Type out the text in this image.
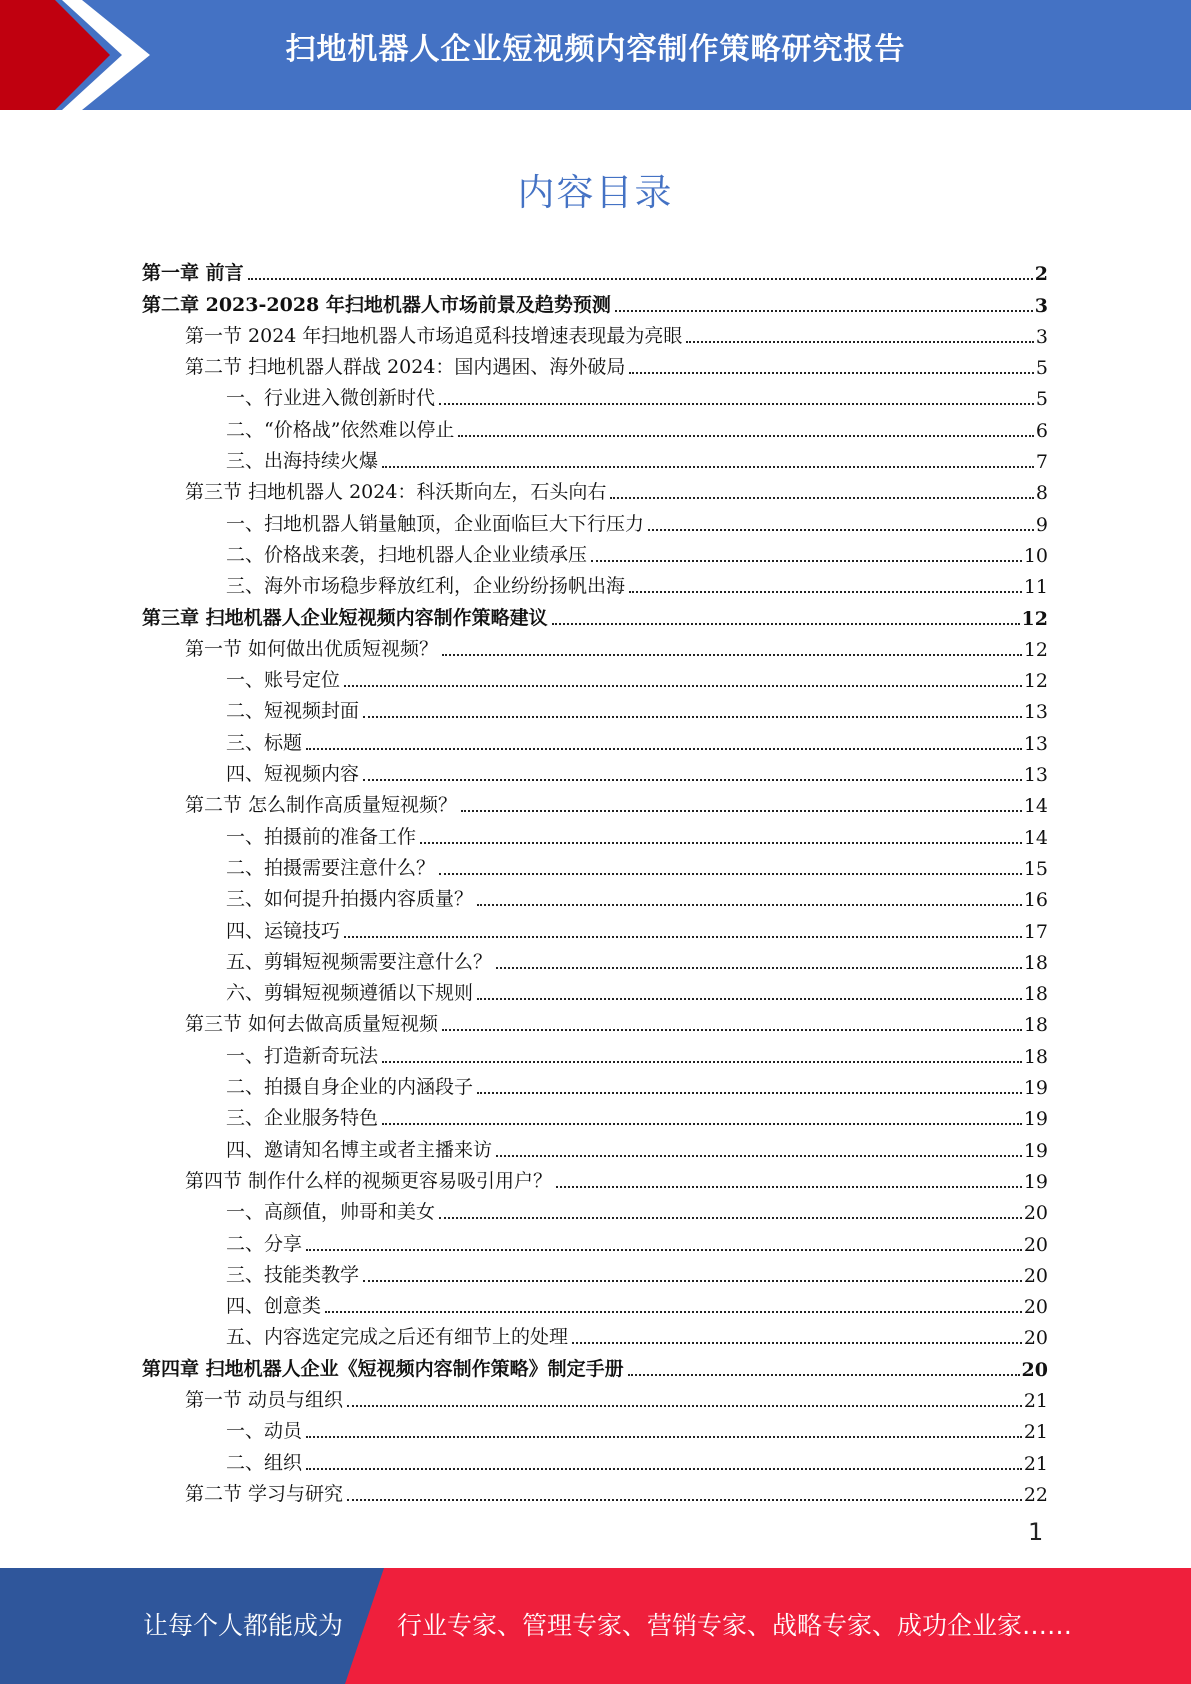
扫地机器人企业短视频内容制作策略研究报告
内容目录
第一章 前言	2
第二章 2023-2028 年扫地机器人市场前景及趋势预测	3
第一节 2024 年扫地机器人市场追觅科技增速表现最为亮眼	3
第二节 扫地机器人群战 2024：国内遇困、海外破局	5
一、行业进入微创新时代	5
二、“价格战”依然难以停止	6
三、出海持续火爆	7
第三节 扫地机器人 2024：科沃斯向左，石头向右	8
一、扫地机器人销量触顶，企业面临巨大下行压力	9
二、价格战来袭，扫地机器人企业业绩承压	10
三、海外市场稳步释放红利，企业纷纷扬帆出海	11
第三章 扫地机器人企业短视频内容制作策略建议	12
第一节 如何做出优质短视频？	12
一、账号定位	12
二、短视频封面	13
三、标题	13
四、短视频内容	13
第二节 怎么制作高质量短视频？	14
一、拍摄前的准备工作	14
二、拍摄需要注意什么？	15
三、如何提升拍摄内容质量？	16
四、运镜技巧	17
五、剪辑短视频需要注意什么？	18
六、剪辑短视频遵循以下规则	18
第三节 如何去做高质量短视频	18
一、打造新奇玩法	18
二、拍摄自身企业的内涵段子	19
三、企业服务特色	19
四、邀请知名博主或者主播来访	19
第四节 制作什么样的视频更容易吸引用户？	19
一、高颜值，帅哥和美女	20
二、分享	20
三、技能类教学	20
四、创意类	20
五、内容选定完成之后还有细节上的处理	20
第四章 扫地机器人企业《短视频内容制作策略》制定手册	20
第一节 动员与组织	21
一、动员	21
二、组织	21
第二节 学习与研究	22
1
让每个人都能成为 行业专家、管理专家、营销专家、战略专家、成功企业家……
